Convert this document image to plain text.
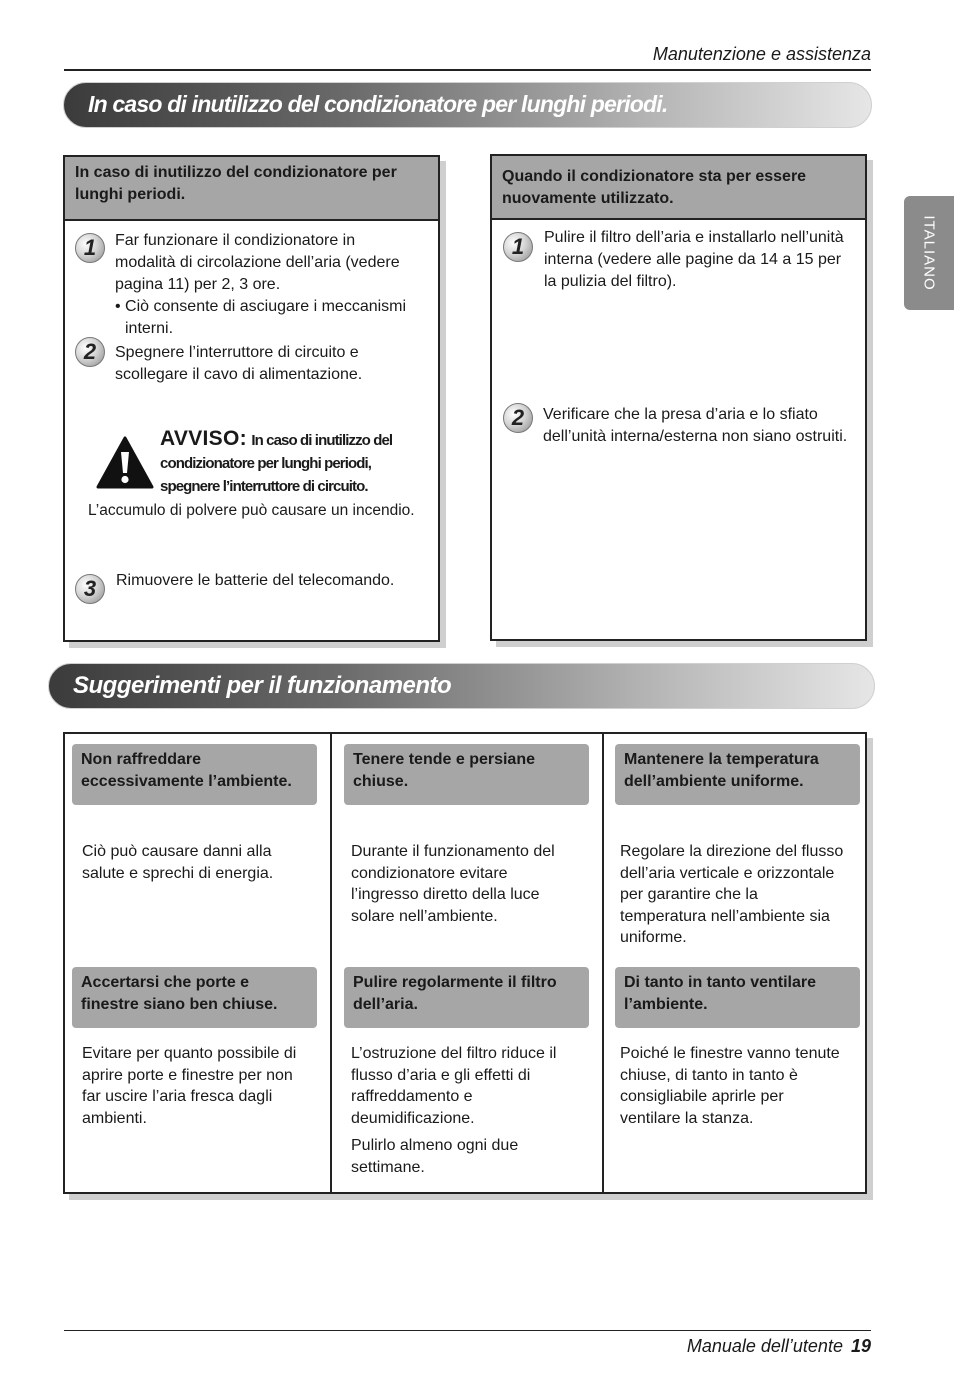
Manutenzione e assistenza
ITALIANO
In caso di inutilizzo del condizionatore per lunghi periodi.
In caso di inutilizzo del condizionatore per lunghi periodi.
1	Far funzionare il condizionatore in
modalità di circolazione dell’aria (vedere
pagina 11) per 2, 3 ore.
• Ciò consente di asciugare i meccanismi
interni.
2	Spegnere l’interruttore di circuito e
scollegare il cavo di alimentazione.
AVVISO: In caso di inutilizzo del
condizionatore per lunghi periodi,
spegnere l’interruttore di circuito.
L’accumulo di polvere può causare un incendio.
3	Rimuovere le batterie del telecomando.
Quando il condizionatore sta per essere nuovamente utilizzato.
1	Pulire il filtro dell’aria e installarlo nell’unità
interna (vedere alle pagine da 14 a 15 per
la pulizia del filtro).
2	Verificare che la presa d’aria e lo sfiato
dell’unità interna/esterna non siano ostruiti.
Suggerimenti per il funzionamento
Non raffreddare eccessivamente l’ambiente.
Ciò può causare danni alla
salute e sprechi di energia.
Tenere tende e persiane chiuse.
Durante il funzionamento del
condizionatore evitare
l’ingresso diretto della luce
solare nell’ambiente.
Mantenere la temperatura dell’ambiente uniforme.
Regolare la direzione del flusso
dell’aria verticale e orizzontale
per garantire che la
temperatura nell’ambiente sia
uniforme.
Accertarsi che porte e finestre siano ben chiuse.
Evitare per quanto possibile di
aprire porte e finestre per non
far uscire l’aria fresca dagli
ambienti.
Pulire regolarmente il filtro dell’aria.
L’ostruzione del filtro riduce il
flusso d’aria e gli effetti di
raffreddamento e
deumidificazione.
Pulirlo almeno ogni due
settimane.
Di tanto in tanto ventilare l’ambiente.
Poiché le finestre vanno tenute
chiuse, di tanto in tanto è
consigliabile aprirle per
ventilare la stanza.
Manuale dell’utente 19
